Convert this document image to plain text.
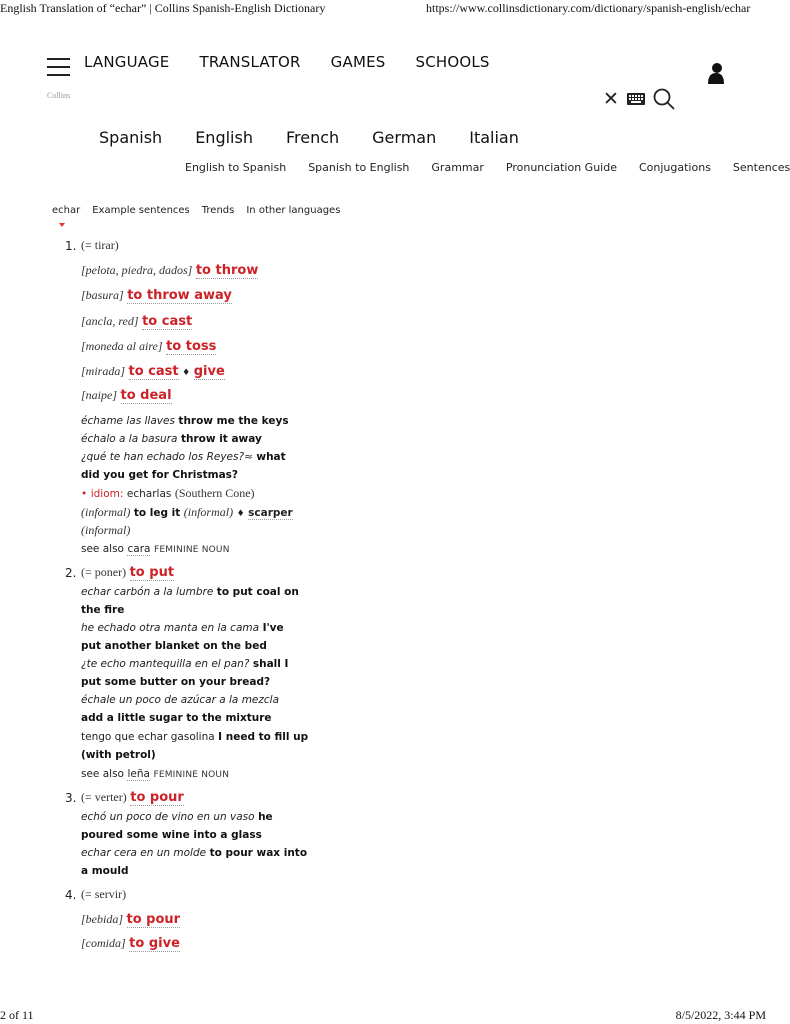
English Translation of “echar” | Collins Spanish-English Dictionary	https://www.collinsdictionary.com/dictionary/spanish-english/echar
LANGUAGE TRANSLATOR GAMES SCHOOLS
Collins	✕
Spanish English French German Italian
English to Spanish Spanish to English Grammar Pronunciation Guide Conjugations Sentences
echar Example sentences Trends In other languages
1. (= tirar)
[pelota, piedra, dados] to throw
[basura] to throw away
[ancla, red] to cast
[moneda al aire] to toss
[mirada] to cast ♦ give
[naipe] to deal
échame las llaves throw me the keys
échalo a la basura throw it away
¿qué te han echado los Reyes?≈ what
did you get for Christmas?
• idiom: echarlas (Southern Cone)
(informal) to leg it (informal) ♦ scarper
(informal)
see also cara FEMININE NOUN
2. (= poner) to put
echar carbón a la lumbre to put coal on
the fire
he echado otra manta en la cama I've
put another blanket on the bed
¿te echo mantequilla en el pan? shall I
put some butter on your bread?
échale un poco de azúcar a la mezcla
add a little sugar to the mixture
tengo que echar gasolina I need to fill up
(with petrol)
see also leña FEMININE NOUN
3. (= verter) to pour
echó un poco de vino en un vaso he
poured some wine into a glass
echar cera en un molde to pour wax into
a mould
4. (= servir)
[bebida] to pour
[comida] to give
2 of 11	8/5/2022, 3:44 PM
